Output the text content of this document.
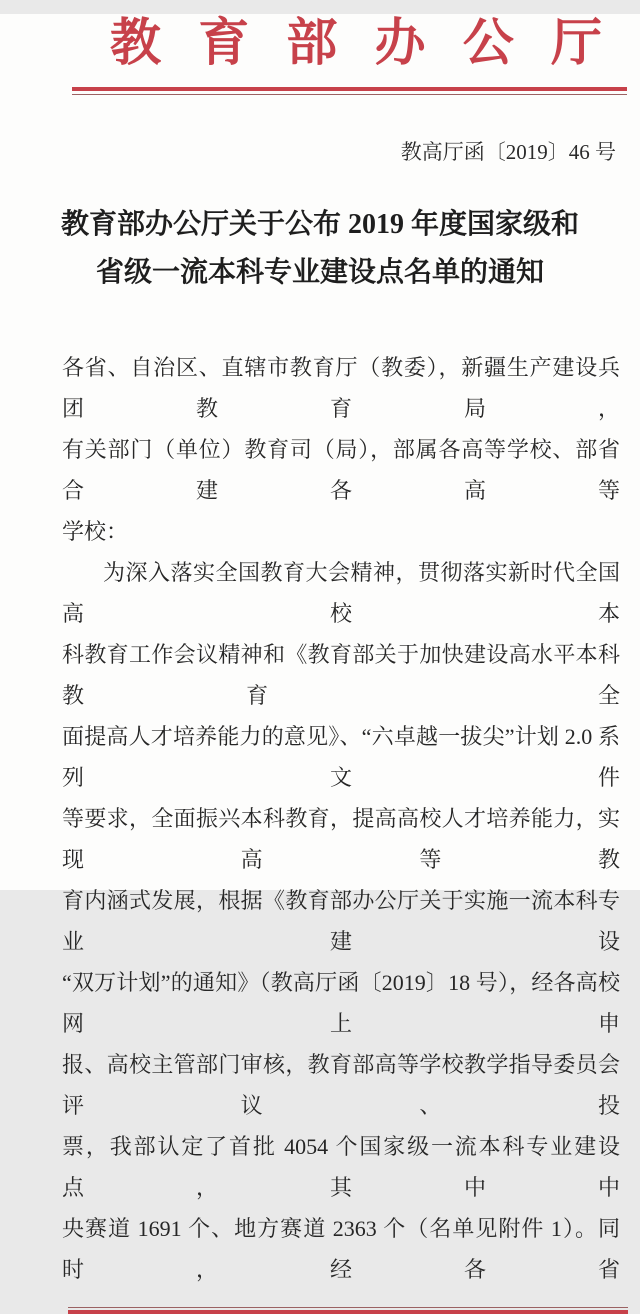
教 育 部 办 公 厅
教高厅函〔2019〕46 号
教育部办公厅关于公布 2019 年度国家级和
省级一流本科专业建设点名单的通知
各省、自治区、直辖市教育厅（教委），新疆生产建设兵团教育局，
有关部门（单位）教育司（局），部属各高等学校、部省合建各高等
学校：
为深入落实全国教育大会精神，贯彻落实新时代全国高校本
科教育工作会议精神和《教育部关于加快建设高水平本科教育 全
面提高人才培养能力的意见》、“六卓越一拔尖”计划 2.0 系列文件
等要求，全面振兴本科教育，提高高校人才培养能力，实现高等教
育内涵式发展，根据《教育部办公厅关于实施一流本科专业建设
“双万计划”的通知》（教高厅函〔2019〕18 号），经各高校网上申
报、高校主管部门审核，教育部高等学校教学指导委员会评议、投
票，我部认定了首批 4054 个国家级一流本科专业建设点，其中中
央赛道 1691 个、地方赛道 2363 个（名单见附件 1）。同时，经各省
